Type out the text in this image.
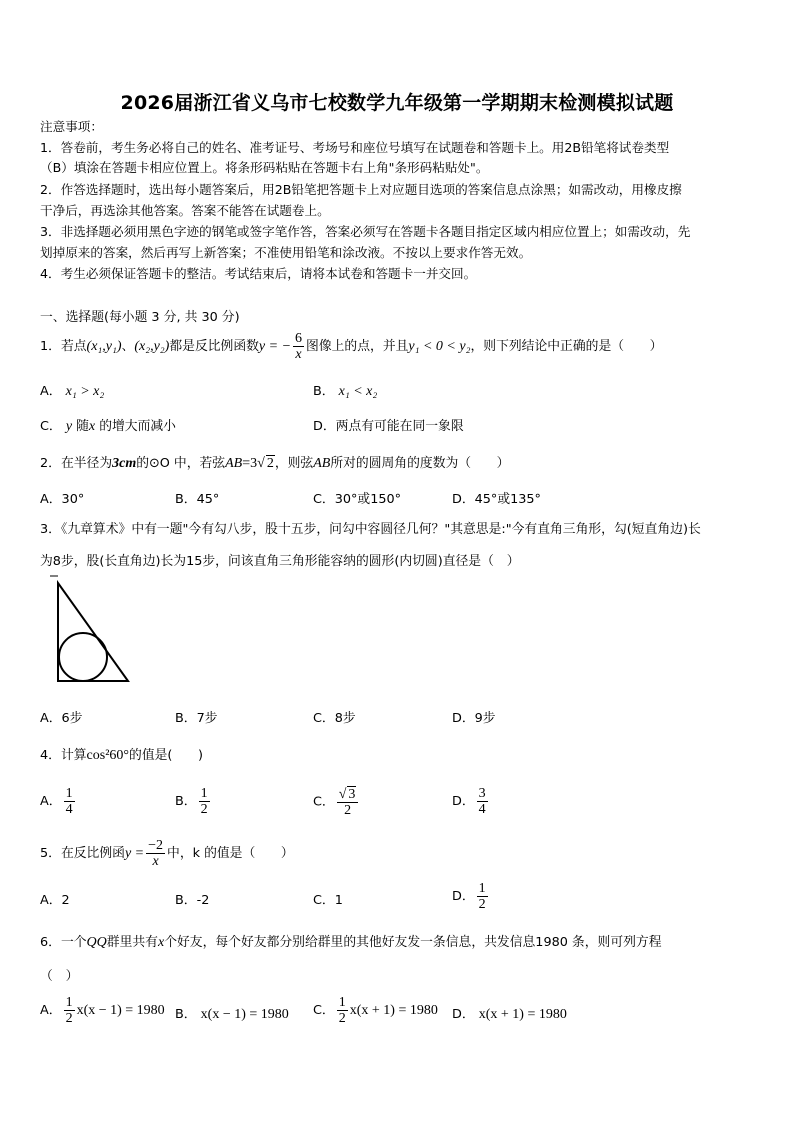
2026届浙江省义乌市七校数学九年级第一学期期末检测模拟试题
注意事项：
1．答卷前，考生务必将自己的姓名、准考证号、考场号和座位号填写在试题卷和答题卡上。用2B铅笔将试卷类型
（B）填涂在答题卡相应位置上。将条形码粘贴在答题卡右上角"条形码粘贴处"。
2．作答选择题时，选出每小题答案后，用2B铅笔把答题卡上对应题目选项的答案信息点涂黑；如需改动，用橡皮擦
干净后，再选涂其他答案。答案不能答在试题卷上。
3．非选择题必须用黑色字迹的钢笔或签字笔作答，答案必须写在答题卡各题目指定区域内相应位置上；如需改动，先
划掉原来的答案，然后再写上新答案；不准使用铅笔和涂改液。不按以上要求作答无效。
4．考生必须保证答题卡的整洁。考试结束后，请将本试卷和答题卡一并交回。
一、选择题(每小题 3 分, 共 30 分)
1．若点(x₁,y₁)、(x₂,y₂)都是反比例函数y = − $\frac{6}{x}$ 图像上的点，并且y₁ < 0 < y₂，则下列结论中正确的是（　　）
A． x₁ > x₂	B． x₁ < x₂
C． y 随x 的增大而减小	D．两点有可能在同一象限
2．在半径为3cm的⊙O 中，若弦AB=3√ 2，则弦AB所对的圆周角的度数为（　　）
A．30°	B．45°	C．30°或150°	D．45°或135°
3．《九章算术》中有一题"今有勾八步，股十五步，问勾中容圆径几何？"其意思是:"今有直角三角形，勾(短直角边)长
为8步，股(长直角边)长为15步，问该直角三角形能容纳的圆形(内切圆)直径是（　）
A．6步	B．7步	C．8步	D．9步
4．计算cos²60°的值是(　　)
A． $\frac{1}{4}$	B． $\frac{1}{2}$	C． $\frac{√ 3}{2}$	D． $\frac{3}{4}$
5．在反比例函$y = \frac{-2}{x}$ 中，k 的值是（　　）
A．2	B．-2	C．1	D． $\frac{1}{2}$
6．一个QQ群里共有x个好友，每个好友都分别给群里的其他好友发一条信息，共发信息1980 条，则可列方程
（　）
A． $\frac{1}{2} x(x - 1) = 1980$ B． x(x − 1) = 1980 C． $\frac{1}{2} x(x + 1) = 1980$ D． x(x + 1) = 1980
